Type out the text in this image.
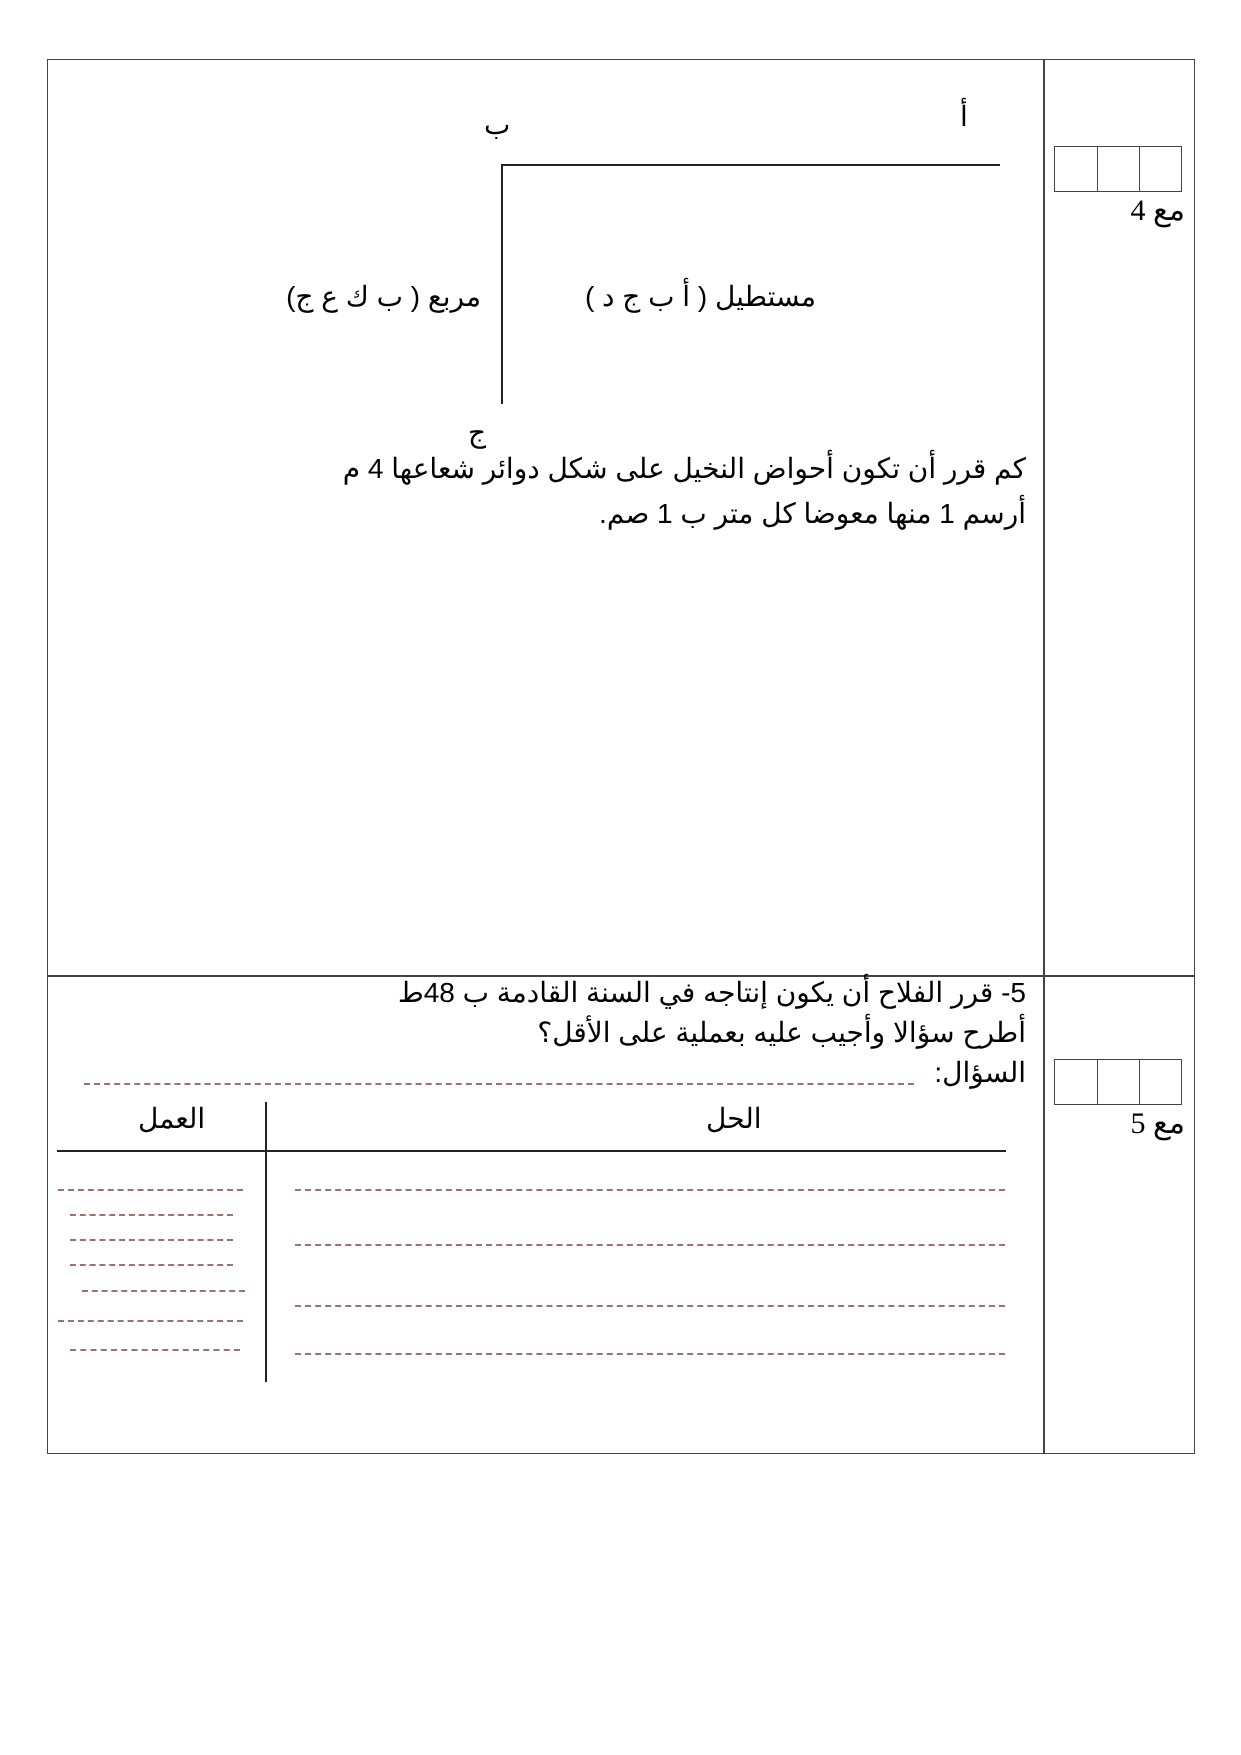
مع 4
مع 5
أ
ب
ج
مستطيل ( أ ب ج د )
مربع ( ب ك ع ج)
كم قرر أن تكون أحواض النخيل على شكل دوائر شعاعها 4 م
أرسم 1 منها معوضا كل متر ب 1 صم.
5- قرر الفلاح أن يكون إنتاجه في السنة القادمة ب 48ط
أطرح سؤالا وأجيب عليه بعملية على الأقل؟
السؤال:
الحل
العمل
